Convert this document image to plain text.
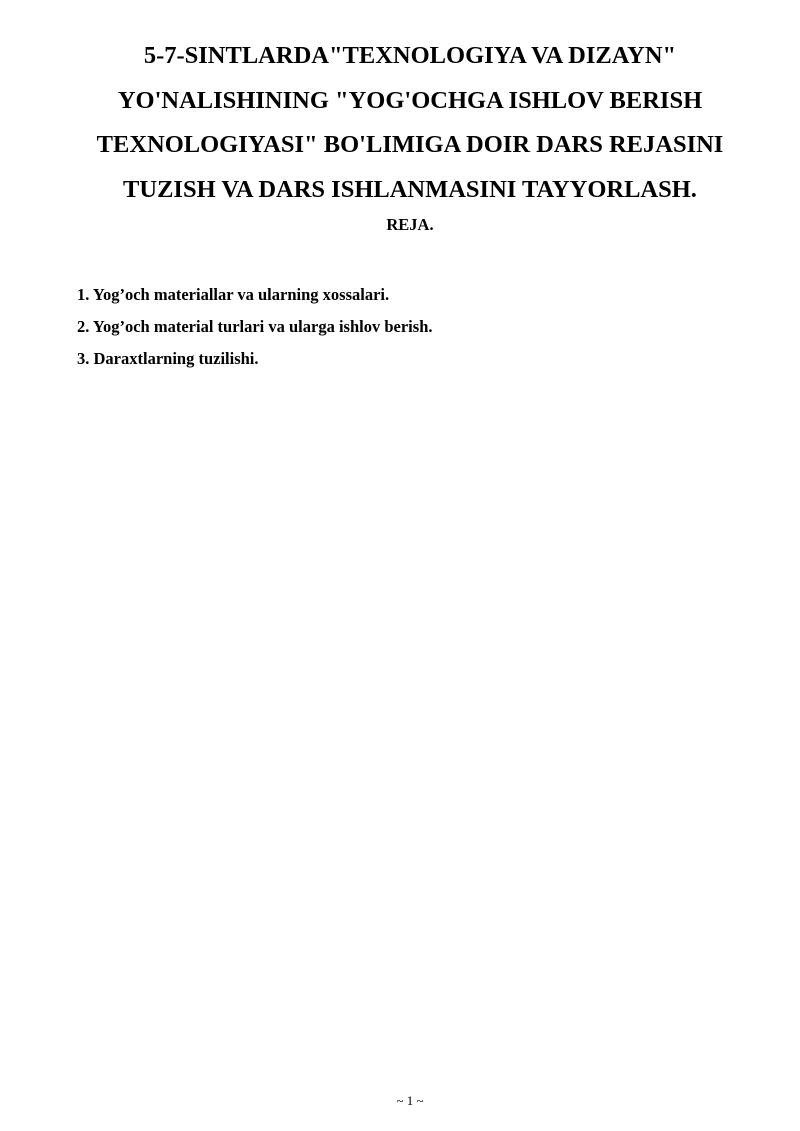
5-7-SINTLARDA"TEXNOLOGIYA VA DIZAYN"
YO'NALISHINING "YOG'OCHGA ISHLOV BERISH
TEXNOLOGIYASI" BO'LIMIGA DOIR DARS REJASINI
TUZISH VA DARS ISHLANMASINI TAYYORLASH.

REJA.

1. Yog’och materiallar va ularning xossalari.
2. Yog’och material turlari va ularga ishlov berish.
3. Daraxtlarning tuzilishi.
~ 1 ~
